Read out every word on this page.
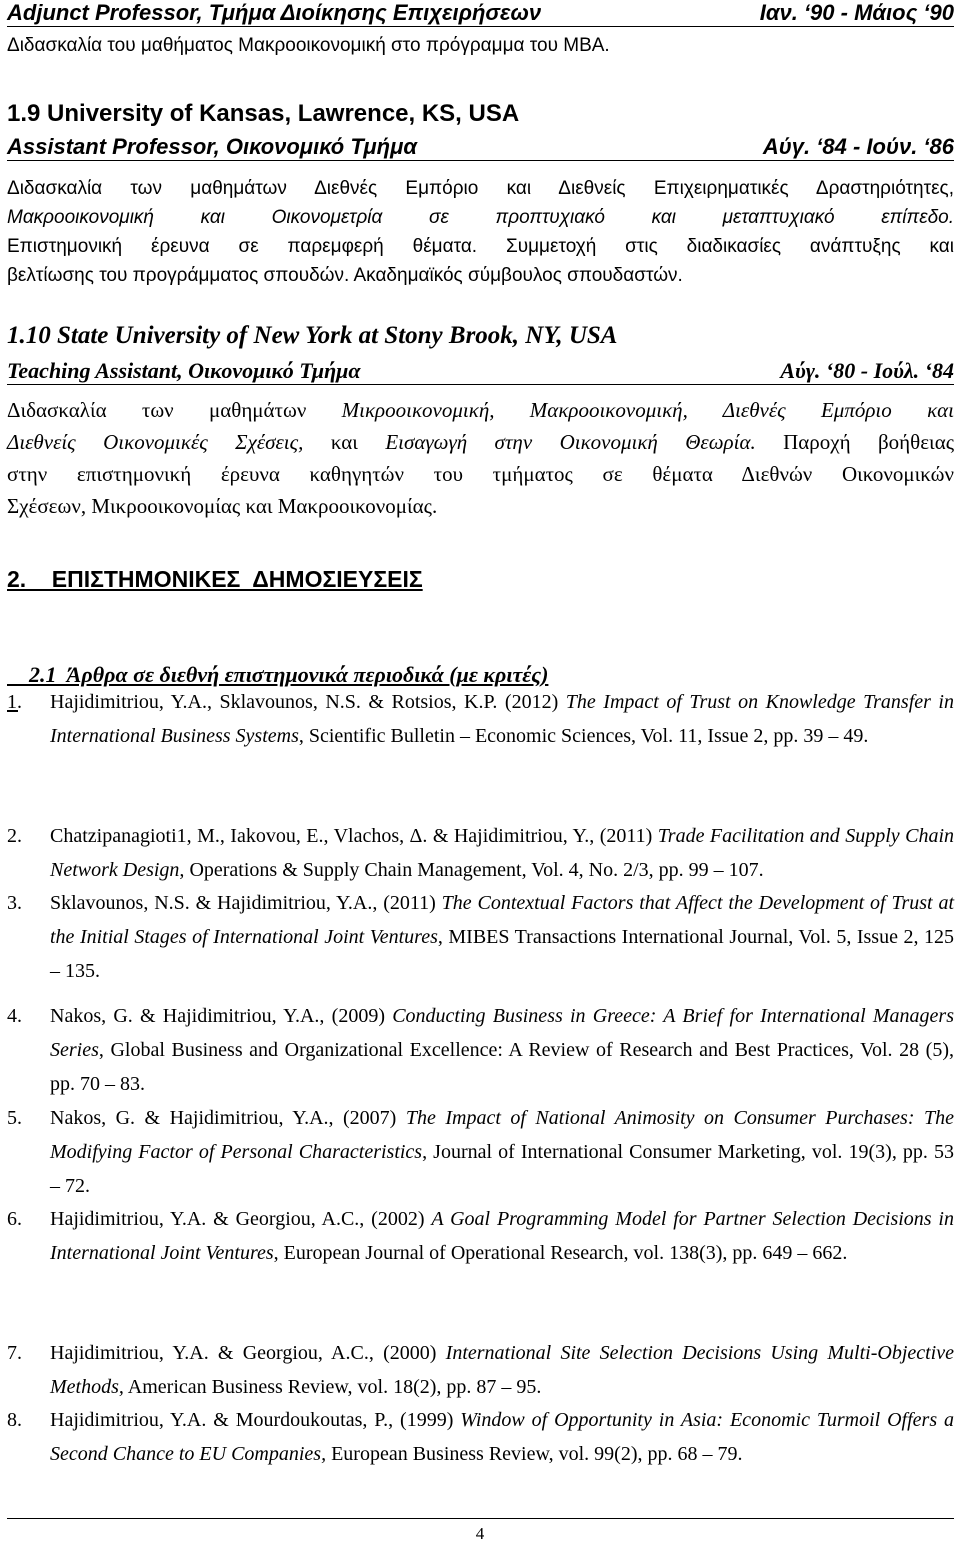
Adjunct Professor, Τμήμα Διοίκησης Επιχειρήσεων	Ιαν. ‘90 - Μάιος ‘90
Διδασκαλία του μαθήματος Μακροοικονομική στο πρόγραμμα του ΜΒΑ.
1.9 University of Kansas, Lawrence, KS, USA
Assistant Professor, Οικονομικό Τμήμα	Αύγ. ‘84 - Ιούν. ‘86
Διδασκαλία των μαθημάτων Διεθνές Εμπόριο και Διεθνείς Επιχειρηματικές Δραστηριότητες,
Μακροοικονομική και Οικονομετρία σε προπτυχιακό και μεταπτυχιακό επίπεδο.
Επιστημονική έρευνα σε παρεμφερή θέματα. Συμμετοχή στις διαδικασίες ανάπτυξης και
βελτίωσης του προγράμματος σπουδών. Ακαδημαϊκός σύμβουλος σπουδαστών.
1.10 State University of New York at Stony Brook, NY, USA
Teaching Assistant, Οικονομικό Τμήμα	Αύγ. ‘80 - Ιούλ. ‘84
Διδασκαλία των μαθημάτων Μικροοικονομική, Μακροοικονομική, Διεθνές Εμπόριο και
Διεθνείς Οικονομικές Σχέσεις, και Εισαγωγή στην Οικονομική Θεωρία. Παροχή βοήθειας
στην επιστημονική έρευνα καθηγητών του τμήματος σε θέματα Διεθνών Οικονομικών
Σχέσεων, Μικροοικονομίας και Μακροοικονομίας.
2.    ΕΠΙΣΤΗΜΟΝΙΚΕΣ  ΔΗΜΟΣΙΕΥΣΕΙΣ

2.1  Άρθρα σε διεθνή επιστημονικά περιοδικά (με κριτές)

1.	Hajidimitriou, Y.A., Sklavounos, N.S. & Rotsios, K.P. (2012) The Impact of Trust on Knowledge Transfer in International Business Systems, Scientific Bulletin – Economic Sciences, Vol. 11, Issue 2, pp. 39 – 49.
2.	Chatzipanagioti1, M., Iakovou, E., Vlachos, Δ. & Hajidimitriou, Y., (2011) Trade Facilitation and Supply Chain Network Design, Operations & Supply Chain Management, Vol. 4, No. 2/3, pp. 99 – 107.
3.	Sklavounos, N.S. & Hajidimitriou, Y.A., (2011) The Contextual Factors that Affect the Development of Trust at the Initial Stages of International Joint Ventures, MIBES Transactions International Journal, Vol. 5, Issue 2, 125 – 135.
4.	Nakos, G. & Hajidimitriou, Y.A., (2009) Conducting Business in Greece: A Brief for International Managers Series, Global Business and Organizational Excellence: A Review of Research and Best Practices, Vol. 28 (5), pp. 70 – 83.
5.	Nakos, G. & Hajidimitriou, Y.A., (2007) The Impact of National Animosity on Consumer Purchases: The Modifying Factor of Personal Characteristics, Journal of International Consumer Marketing, vol. 19(3), pp. 53 – 72.
6.	Hajidimitriou, Y.A. & Georgiou, A.C., (2002) A Goal Programming Model for Partner Selection Decisions in International Joint Ventures, European Journal of Operational Research, vol. 138(3), pp. 649 – 662.
7.	Hajidimitriou, Y.A. & Georgiou, A.C., (2000) International Site Selection Decisions Using Multi-Objective Methods, American Business Review, vol. 18(2), pp. 87 – 95.
8.	Hajidimitriou, Y.A. & Mourdoukoutas, P., (1999) Window of Opportunity in Asia: Economic Turmoil Offers a Second Chance to EU Companies, European Business Review, vol. 99(2), pp. 68 – 79.
4
